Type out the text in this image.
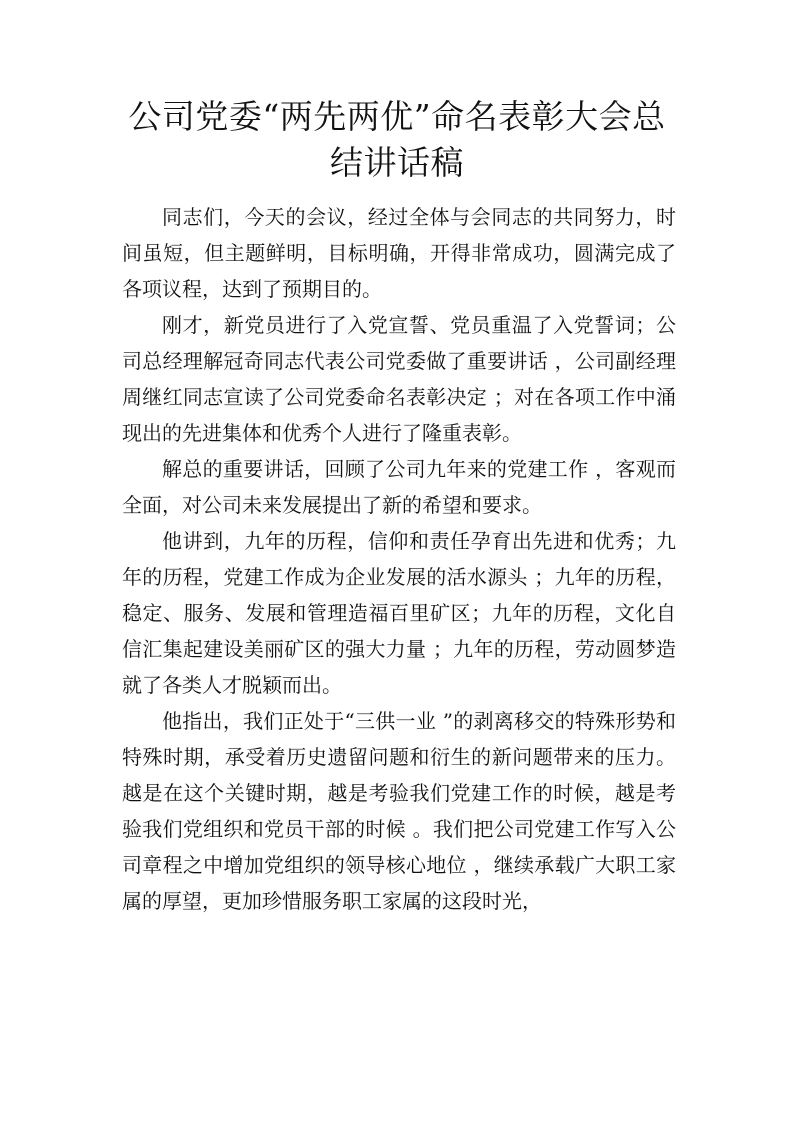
公司党委“两先两优”命名表彰大会总
结讲话稿

同志们，今天的会议，经过全体与会同志的共同努力，时间虽短，但主题鲜明，目标明确，开得非常成功，圆满完成了各项议程，达到了预期目的。

刚才，新党员进行了入党宣誓、党员重温了入党誓词；公司总经理解冠奇同志代表公司党委做了重要讲话 ，公司副经理周继红同志宣读了公司党委命名表彰决定 ；对在各项工作中涌现出的先进集体和优秀个人进行了隆重表彰。

解总的重要讲话，回顾了公司九年来的党建工作 ，客观而全面，对公司未来发展提出了新的希望和要求。

他讲到，九年的历程，信仰和责任孕育出先进和优秀；九年的历程，党建工作成为企业发展的活水源头 ；九年的历程，稳定、服务、发展和管理造福百里矿区；九年的历程，文化自信汇集起建设美丽矿区的强大力量 ；九年的历程，劳动圆梦造就了各类人才脱颖而出。

他指出，我们正处于“三供一业 ”的剥离移交的特殊形势和特殊时期，承受着历史遗留问题和衍生的新问题带来的压力。越是在这个关键时期，越是考验我们党建工作的时候，越是考验我们党组织和党员干部的时候 。我们把公司党建工作写入公司章程之中增加党组织的领导核心地位 ，继续承载广大职工家属的厚望，更加珍惜服务职工家属的这段时光，
